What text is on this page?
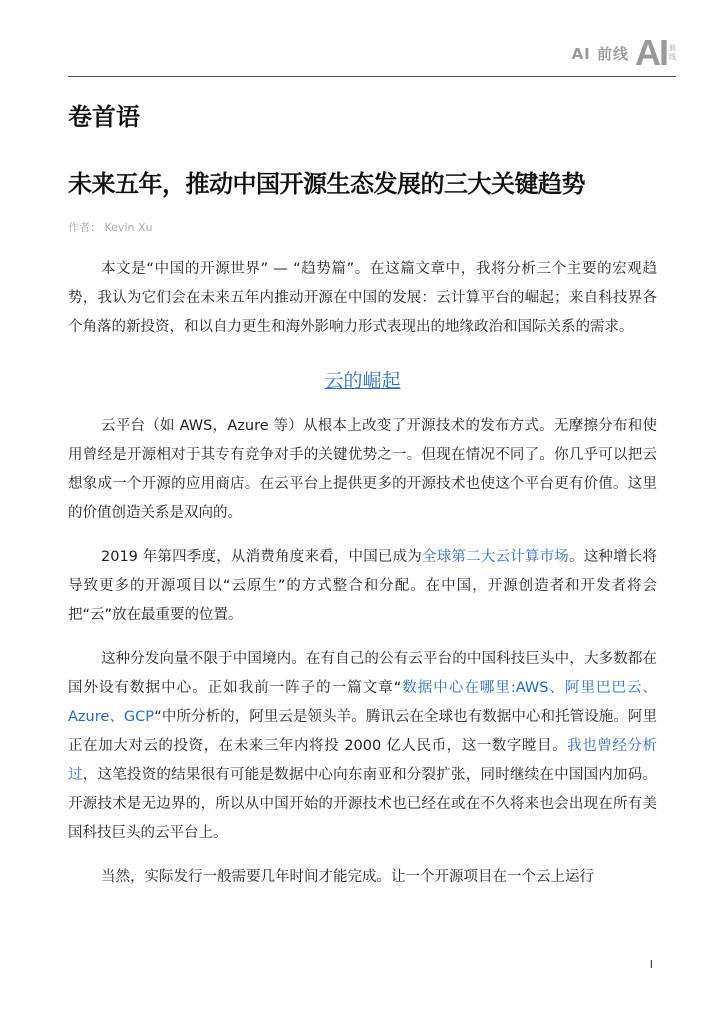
AI 前线 AI 前
线
卷首语
未来五年，推动中国开源生态发展的三大关键趋势
作者： Kevin Xu

本文是“中国的开源世界” — “趋势篇”。在这篇文章中，我将分析三个主要的宏观趋势，我认为它们会在未来五年内推动开源在中国的发展：云计算平台的崛起；来自科技界各个角落的新投资，和以自力更生和海外影响力形式表现出的地缘政治和国际关系的需求。

云的崛起

云平台（如 AWS，Azure 等）从根本上改变了开源技术的发布方式。无摩擦分布和使用曾经是开源相对于其专有竞争对手的关键优势之一。但现在情况不同了。你几乎可以把云想象成一个开源的应用商店。在云平台上提供更多的开源技术也使这个平台更有价值。这里的价值创造关系是双向的。

2019 年第四季度，从消费角度来看，中国已成为全球第二大云计算市场。这种增长将导致更多的开源项目以“云原生”的方式整合和分配。在中国，开源创造者和开发者将会把“云”放在最重要的位置。

这种分发向量不限于中国境内。在有自己的公有云平台的中国科技巨头中，大多数都在国外设有数据中心。正如我前一阵子的一篇文章“数据中心在哪里:AWS、阿里巴巴云、Azure、GCP“中所分析的，阿里云是领头羊。腾讯云在全球也有数据中心和托管设施。阿里正在加大对云的投资，在未来三年内将投 2000 亿人民币，这一数字瞠目。我也曾经分析过，这笔投资的结果很有可能是数据中心向东南亚和分裂扩张，同时继续在中国国内加码。开源技术是无边界的，所以从中国开始的开源技术也已经在或在不久将来也会出现在所有美国科技巨头的云平台上。

当然，实际发行一般需要几年时间才能完成。让一个开源项目在一个云上运行

I
